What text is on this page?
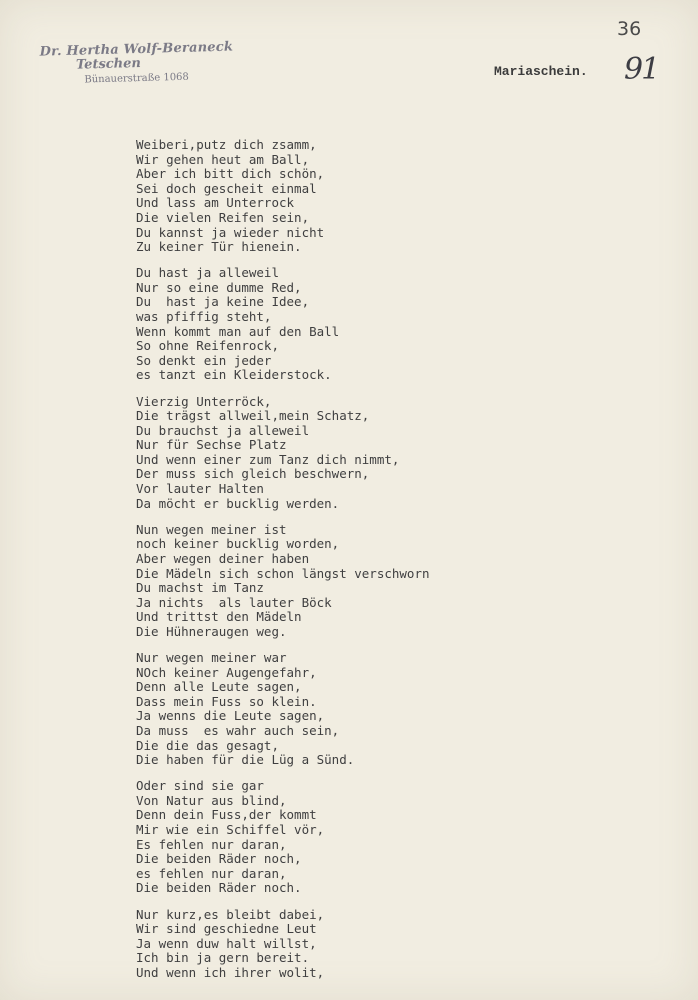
Dr. Hertha Wolf-Beraneck
Tetschen
Bünauerstraße 1068
36
91
Mariaschein.
Weiberi,putz dich zsamm,
Wir gehen heut am Ball,
Aber ich bitt dich schön,
Sei doch gescheit einmal
Und lass am Unterrock
Die vielen Reifen sein,
Du kannst ja wieder nicht
Zu keiner Tür hienein.
Du hast ja alleweil
Nur so eine dumme Red,
Du  hast ja keine Idee,
was pfiffig steht,
Wenn kommt man auf den Ball
So ohne Reifenrock,
So denkt ein jeder
es tanzt ein Kleiderstock.
Vierzig Unterröck,
Die trägst allweil,mein Schatz,
Du brauchst ja alleweil
Nur für Sechse Platz
Und wenn einer zum Tanz dich nimmt,
Der muss sich gleich beschwern,
Vor lauter Halten
Da möcht er bucklig werden.
Nun wegen meiner ist
noch keiner bucklig worden,
Aber wegen deiner haben
Die Mädeln sich schon längst verschworn
Du machst im Tanz
Ja nichts  als lauter Böck
Und trittst den Mädeln
Die Hühneraugen weg.
Nur wegen meiner war
NOch keiner Augengefahr,
Denn alle Leute sagen,
Dass mein Fuss so klein.
Ja wenns die Leute sagen,
Da muss  es wahr auch sein,
Die die das gesagt,
Die haben für die Lüg a Sünd.
Oder sind sie gar
Von Natur aus blind,
Denn dein Fuss,der kommt
Mir wie ein Schiffel vör,
Es fehlen nur daran,
Die beiden Räder noch,
es fehlen nur daran,
Die beiden Räder noch.
Nur kurz,es bleibt dabei,
Wir sind geschiedne Leut
Ja wenn duw halt willst,
Ich bin ja gern bereit.
Und wenn ich ihrer wolit,
